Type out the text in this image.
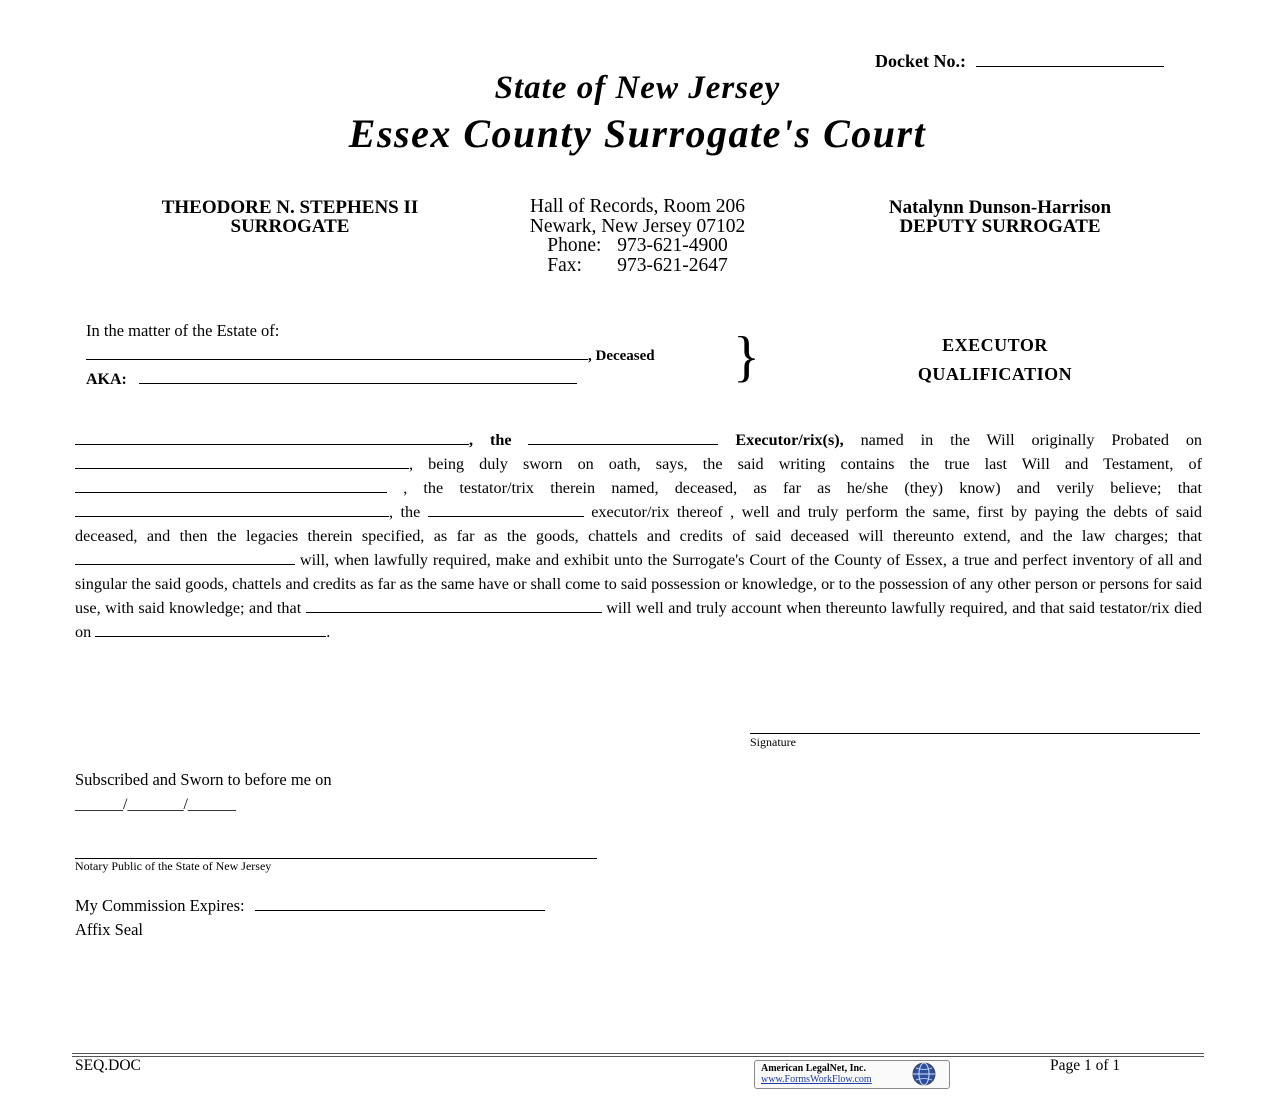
Docket No.:
State of New Jersey
Essex County Surrogate's Court
THEODORE N. STEPHENS II
SURROGATE
Hall of Records, Room 206
Newark, New Jersey 07102
Phone: 973-621-4900
Fax: 973-621-2647
Natalynn Dunson-Harrison
DEPUTY SURROGATE
In the matter of the Estate of:
, Deceased
AKA:	}	EXECUTOR
QUALIFICATION
, the	Executor/rix(s), named in the Will originally Probated on , being duly sworn on oath, says, the said writing contains the true last Will and Testament, of  , the testator/trix therein named, deceased, as far as he/she (they) know) and verily believe; that , the	executor/rix thereof , well and truly perform the same, first by paying the debts of said deceased, and then the legacies therein specified, as far as the goods, chattels and credits of said deceased will thereunto extend, and the law charges; that  will, when lawfully required, make and exhibit unto the Surrogate's Court of the County of Essex, a true and perfect inventory of all and singular the said goods, chattels and credits as far as the same have or shall come to said possession or knowledge, or to the possession of any other person or persons for said use, with said knowledge; and that	will well and truly account when thereunto lawfully required, and that said testator/rix died on	.
Signature
Subscribed and Sworn to before me on
______/_______/______
Notary Public of the State of New Jersey
My Commission Expires:
Affix Seal
SEQ.DOC	American LegalNet, Inc.
www.FormsWorkFlow.com
Page 1 of 1
